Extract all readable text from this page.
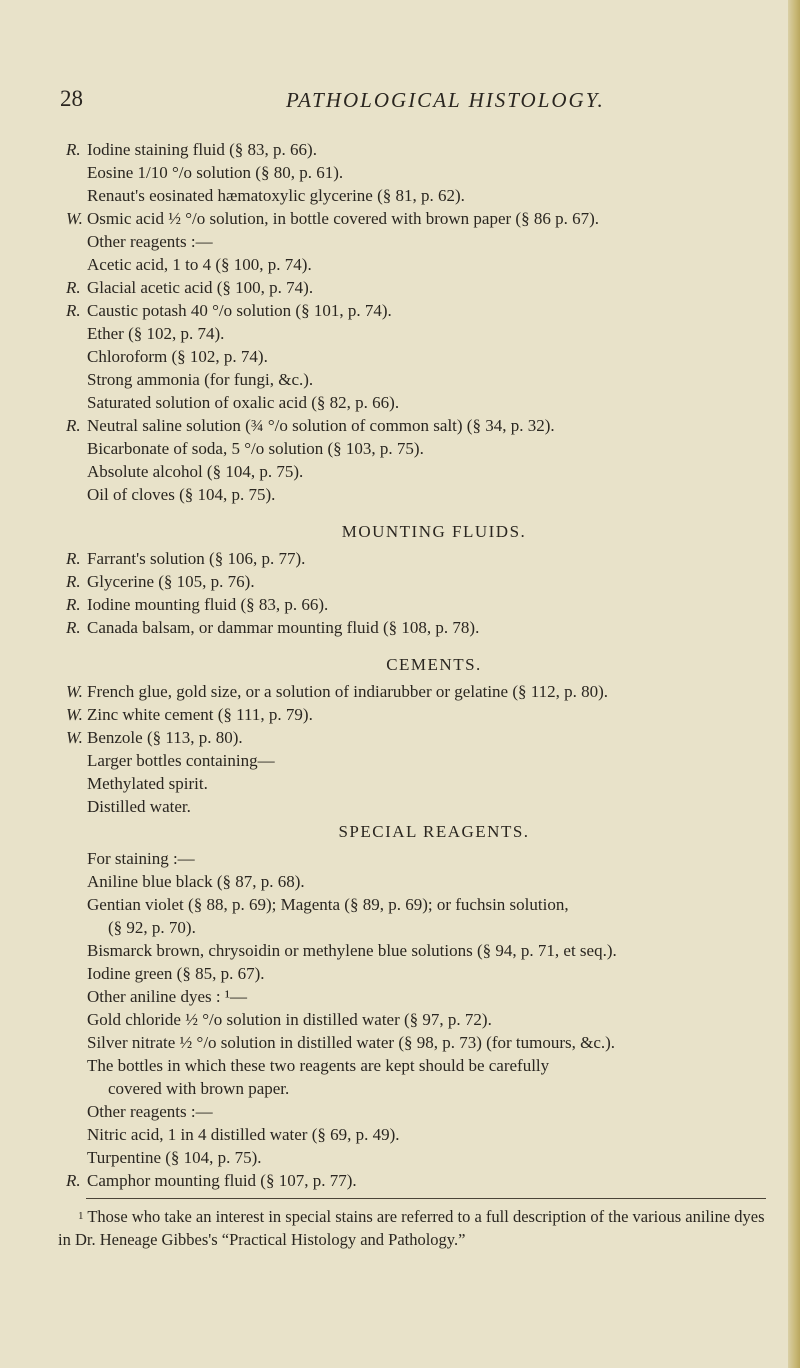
28	PATHOLOGICAL HISTOLOGY.
R. Iodine staining fluid (§ 83, p. 66).
Eosine 1/10 °/o solution (§ 80, p. 61).
Renaut's eosinated hæmatoxylic glycerine (§ 81, p. 62).
W. Osmic acid ½ °/o solution, in bottle covered with brown paper (§ 86 p. 67).
Other reagents :—
Acetic acid, 1 to 4 (§ 100, p. 74).
R. Glacial acetic acid (§ 100, p. 74).
R. Caustic potash 40 °/o solution (§ 101, p. 74).
Ether (§ 102, p. 74).
Chloroform (§ 102, p. 74).
Strong ammonia (for fungi, &c.).
Saturated solution of oxalic acid (§ 82, p. 66).
R. Neutral saline solution (¾ °/o solution of common salt) (§ 34, p. 32).
Bicarbonate of soda, 5 °/o solution (§ 103, p. 75).
Absolute alcohol (§ 104, p. 75).
Oil of cloves (§ 104, p. 75).
MOUNTING FLUIDS.
R. Farrant's solution (§ 106, p. 77).
R. Glycerine (§ 105, p. 76).
R. Iodine mounting fluid (§ 83, p. 66).
R. Canada balsam, or dammar mounting fluid (§ 108, p. 78).
CEMENTS.
W. French glue, gold size, or a solution of indiarubber or gelatine (§ 112, p. 80).
W. Zinc white cement (§ 111, p. 79).
W. Benzole (§ 113, p. 80).
Larger bottles containing—
Methylated spirit.
Distilled water.
SPECIAL REAGENTS.
For staining :—
Aniline blue black (§ 87, p. 68).
Gentian violet (§ 88, p. 69); Magenta (§ 89, p. 69); or fuchsin solution,
(§ 92, p. 70).
Bismarck brown, chrysoidin or methylene blue solutions (§ 94, p. 71, et seq.).
Iodine green (§ 85, p. 67).
Other aniline dyes : ¹—
Gold chloride ½ °/o solution in distilled water (§ 97, p. 72).
Silver nitrate ½ °/o solution in distilled water (§ 98, p. 73) (for tumours, &c.).
The bottles in which these two reagents are kept should be carefully
covered with brown paper.
Other reagents :—
Nitric acid, 1 in 4 distilled water (§ 69, p. 49).
Turpentine (§ 104, p. 75).
R. Camphor mounting fluid (§ 107, p. 77).
$^1$ Those who take an interest in special stains are referred to a full description of the various aniline dyes in Dr. Heneage Gibbes's “Practical Histology and Pathology.”
